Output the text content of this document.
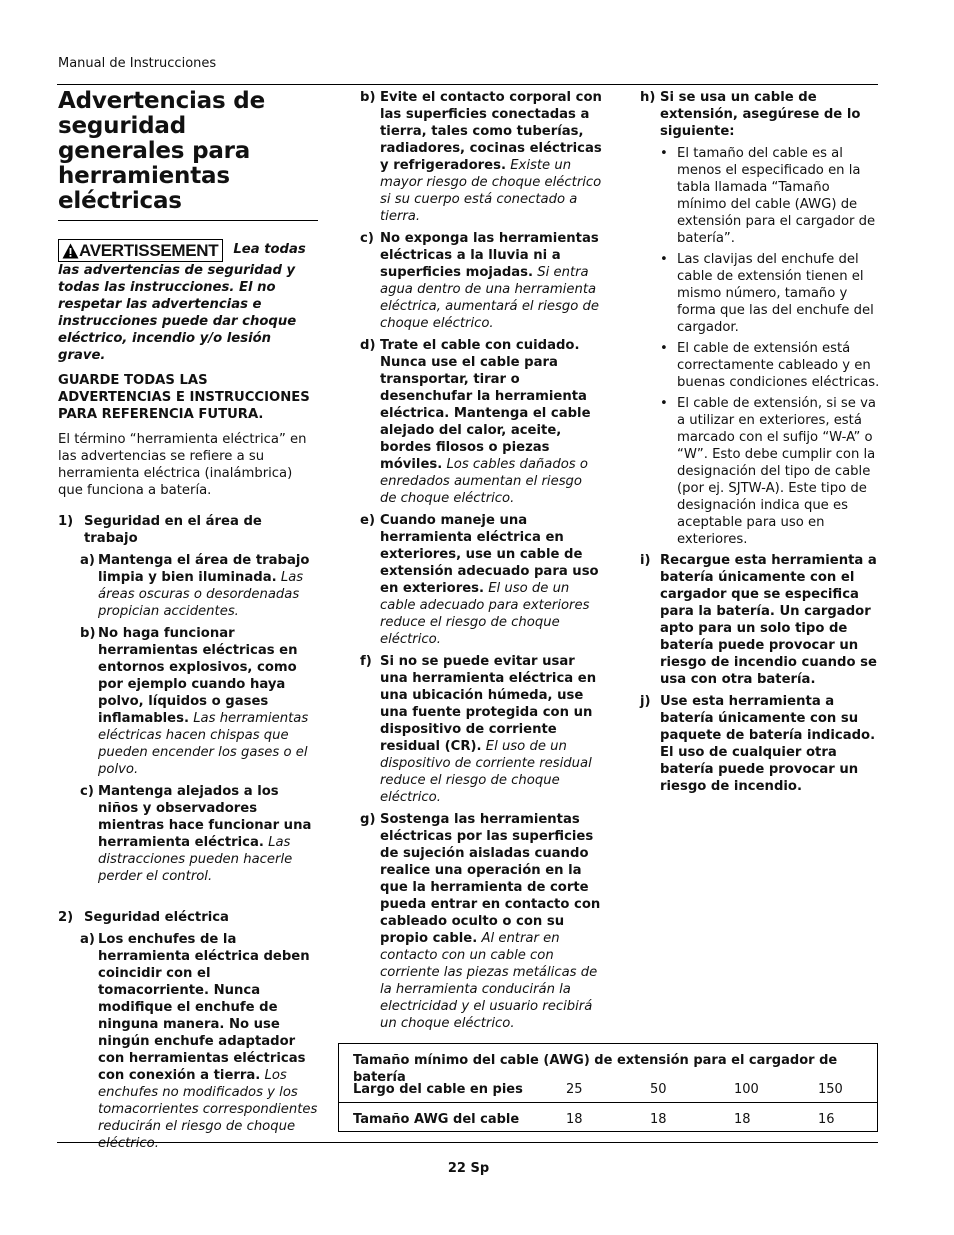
Manual de Instrucciones
Advertencias de seguridad generales para herramientas eléctricas
AVERTISSEMENT Lea todas las advertencias de seguridad y todas las instrucciones. El no respetar las advertencias e instrucciones puede dar choque eléctrico, incendio y/o lesión grave.

GUARDE TODAS LAS ADVERTENCIAS E INSTRUCCIONES PARA REFERENCIA FUTURA.

El término “herramienta eléctrica” en las advertencias se refiere a su herramienta eléctrica (inalámbrica) que funciona a batería.

1) Seguridad en el área de trabajo
a) Mantenga el área de trabajo limpia y bien iluminada. Las áreas oscuras o desordenadas propician accidentes.
b) No haga funcionar herramientas eléctricas en entornos explosivos, como por ejemplo cuando haya polvo, líquidos o gases inflamables. Las herramientas eléctricas hacen chispas que pueden encender los gases o el polvo.
c) Mantenga alejados a los niños y observadores mientras hace funcionar una herramienta eléctrica. Las distracciones pueden hacerle perder el control.
2) Seguridad eléctrica
a) Los enchufes de la herramienta eléctrica deben coincidir con el tomacorriente. Nunca modifique el enchufe de ninguna manera. No use ningún enchufe adaptador con herramientas eléctricas con conexión a tierra. Los enchufes no modificados y los tomacorrientes correspondientes reducirán el riesgo de choque eléctrico.
b) Evite el contacto corporal con las superficies conectadas a tierra, tales como tuberías, radiadores, cocinas eléctricas y refrigeradores. Existe un mayor riesgo de choque eléctrico si su cuerpo está conectado a tierra.
c) No exponga las herramientas eléctricas a la lluvia ni a superficies mojadas. Si entra agua dentro de una herramienta eléctrica, aumentará el riesgo de choque eléctrico.
d) Trate el cable con cuidado. Nunca use el cable para transportar, tirar o desenchufar la herramienta eléctrica. Mantenga el cable alejado del calor, aceite, bordes filosos o piezas móviles. Los cables dañados o enredados aumentan el riesgo de choque eléctrico.
e) Cuando maneje una herramienta eléctrica en exteriores, use un cable de extensión adecuado para uso en exteriores. El uso de un cable adecuado para exteriores reduce el riesgo de choque eléctrico.
f) Si no se puede evitar usar una herramienta eléctrica en una ubicación húmeda, use una fuente protegida con un dispositivo de corriente residual (CR). El uso de un dispositivo de corriente residual reduce el riesgo de choque eléctrico.
g) Sostenga las herramientas eléctricas por las superficies de sujeción aisladas cuando realice una operación en la que la herramienta de corte pueda entrar en contacto con cableado oculto o con su propio cable. Al entrar en contacto con un cable con corriente las piezas metálicas de la herramienta conducirán la electricidad y el usuario recibirá un choque eléctrico.
h) Si se usa un cable de extensión, asegúrese de lo siguiente:
• El tamaño del cable es al menos el especificado en la tabla llamada “Tamaño mínimo del cable (AWG) de extensión para el cargador de batería”.
• Las clavijas del enchufe del cable de extensión tienen el mismo número, tamaño y forma que las del enchufe del cargador.
• El cable de extensión está correctamente cableado y en buenas condiciones eléctricas.
• El cable de extensión, si se va a utilizar en exteriores, está marcado con el sufijo “W-A” o “W”. Esto debe cumplir con la designación del tipo de cable (por ej. SJTW-A). Este tipo de designación indica que es aceptable para uso en exteriores.
i) Recargue esta herramienta a batería únicamente con el cargador que se especifica para la batería. Un cargador apto para un solo tipo de batería puede provocar un riesgo de incendio cuando se usa con otra batería.
j) Use esta herramienta a batería únicamente con su paquete de batería indicado. El uso de cualquier otra batería puede provocar un riesgo de incendio.
Tamaño mínimo del cable (AWG) de extensión para el cargador de batería
Largo del cable en pies	25	50	100	150
Tamaño AWG del cable	18	18	18	16
22 Sp
